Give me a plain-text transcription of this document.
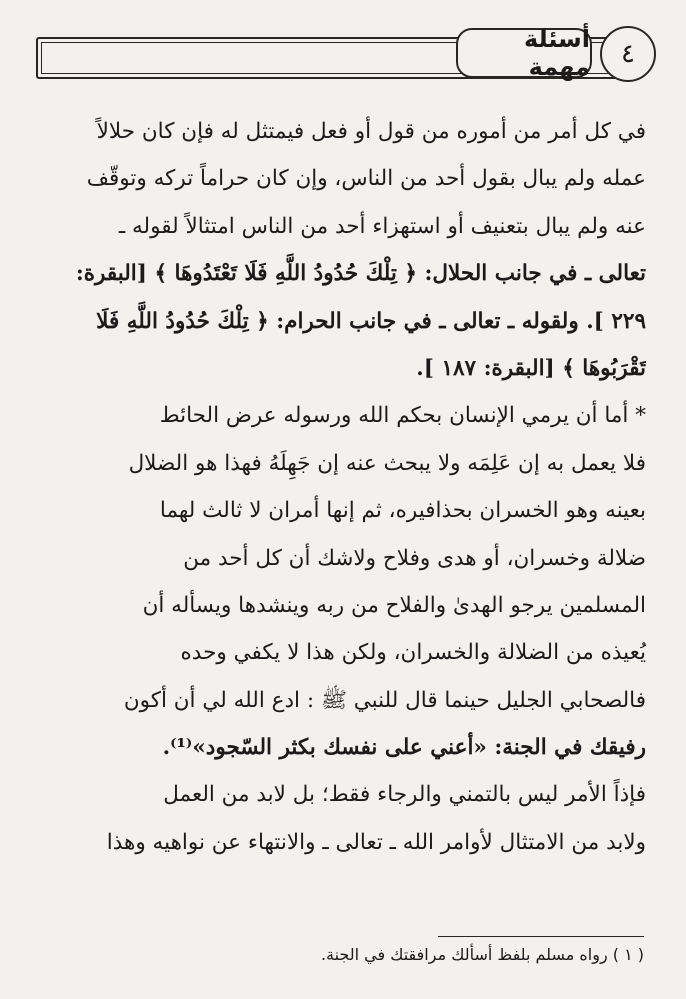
أسئلة مهمة	٤
في كل أمر من أموره من قول أو فعل فيمتثل له فإن كان حلالاً
عمله ولم يبال بقول أحد من الناس، وإن كان حراماً تركه وتوقّف
عنه ولم يبال بتعنيف أو استهزاء أحد من الناس امتثالاً لقوله ـ
تعالى ـ في جانب الحلال: ﴿ تِلْكَ حُدُودُ اللَّهِ فَلَا تَعْتَدُوهَا ﴾ [البقرة:
٢٢٩ ]. ولقوله ـ تعالى ـ في جانب الحرام: ﴿ تِلْكَ حُدُودُ اللَّهِ فَلَا
تَقْرَبُوهَا ﴾ [البقرة: ١٨٧ ].
* أما أن يرمي الإنسان بحكم الله ورسوله عرض الحائط
فلا يعمل به إن عَلِمَه ولا يبحث عنه إن جَهِلَهُ فهذا هو الضلال
بعينه وهو الخسران بحذافيره، ثم إنها أمران لا ثالث لهما
ضلالة وخسران، أو هدى وفلاح ولاشك أن كل أحد من
المسلمين يرجو الهدىٰ والفلاح من ربه وينشدها ويسأله أن
يُعيذه من الضلالة والخسران، ولكن هذا لا يكفي وحده
فالصحابي الجليل حينما قال للنبي ﷺ : ادع الله لي أن أكون
رفيقك في الجنة: «أعني على نفسك بكثر السّجود»⁽¹⁾.
فإذاً الأمر ليس بالتمني والرجاء فقط؛ بل لابد من العمل
ولابد من الامتثال لأوامر الله ـ تعالى ـ والانتهاء عن نواهيه وهذا
( ١ ) رواه مسلم بلفظ أسألك مرافقتك في الجنة.
